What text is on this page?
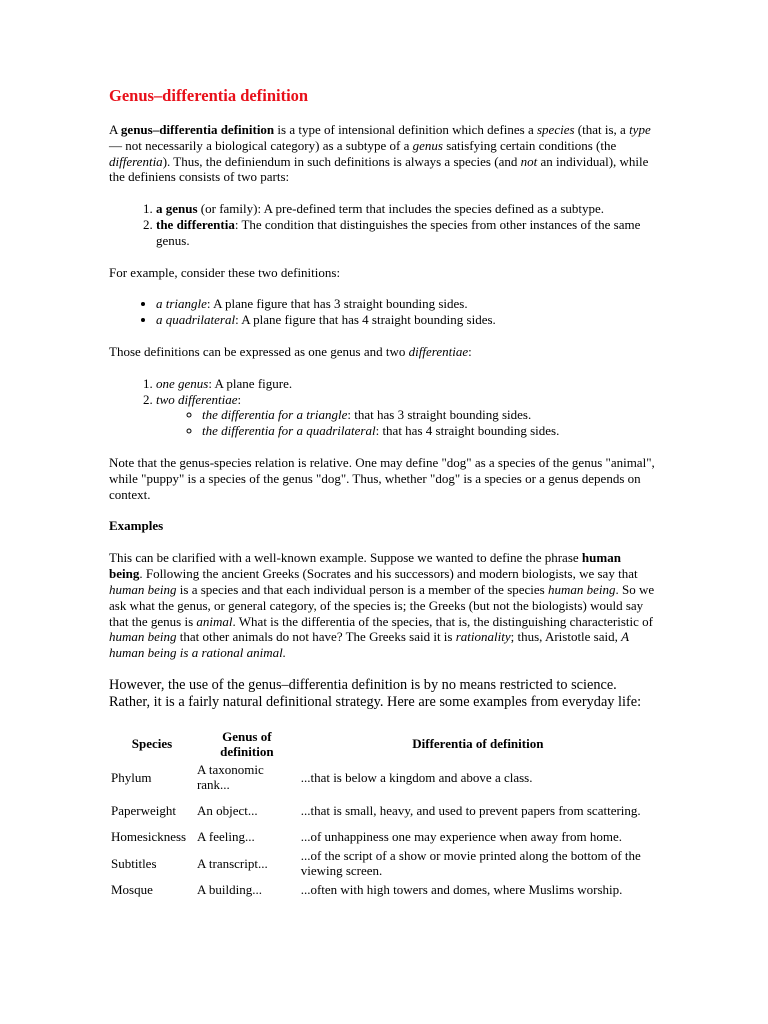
Genus–differentia definition

A genus–differentia definition is a type of intensional definition which defines a species (that is, a type — not necessarily a biological category) as a subtype of a genus satisfying certain conditions (the differentia). Thus, the definiendum in such definitions is always a species (and not an individual), while the definiens consists of two parts:

1. a genus (or family): A pre-defined term that includes the species defined as a subtype.
2. the differentia: The condition that distinguishes the species from other instances of the same genus.

For example, consider these two definitions:

• a triangle: A plane figure that has 3 straight bounding sides.
• a quadrilateral: A plane figure that has 4 straight bounding sides.

Those definitions can be expressed as one genus and two differentiae:

1. one genus: A plane figure.
2. two differentiae:
◦ the differentia for a triangle: that has 3 straight bounding sides.
◦ the differentia for a quadrilateral: that has 4 straight bounding sides.

Note that the genus-species relation is relative. One may define "dog" as a species of the genus "animal", while "puppy" is a species of the genus "dog". Thus, whether "dog" is a species or a genus depends on context.

Examples

This can be clarified with a well-known example. Suppose we wanted to define the phrase human being. Following the ancient Greeks (Socrates and his successors) and modern biologists, we say that human being is a species and that each individual person is a member of the species human being. So we ask what the genus, or general category, of the species is; the Greeks (but not the biologists) would say that the genus is animal. What is the differentia of the species, that is, the distinguishing characteristic of human being that other animals do not have? The Greeks said it is rationality; thus, Aristotle said, A human being is a rational animal.

However, the use of the genus–differentia definition is by no means restricted to science. Rather, it is a fairly natural definitional strategy. Here are some examples from everyday life:

Species	Genus of definition	Differentia of definition
Phylum	A taxonomic rank...	...that is below a kingdom and above a class.
Paperweight	An object...	...that is small, heavy, and used to prevent papers from scattering.
Homesickness	A feeling...	...of unhappiness one may experience when away from home.
Subtitles	A transcript...	...of the script of a show or movie printed along the bottom of the viewing screen.
Mosque	A building...	...often with high towers and domes, where Muslims worship.
